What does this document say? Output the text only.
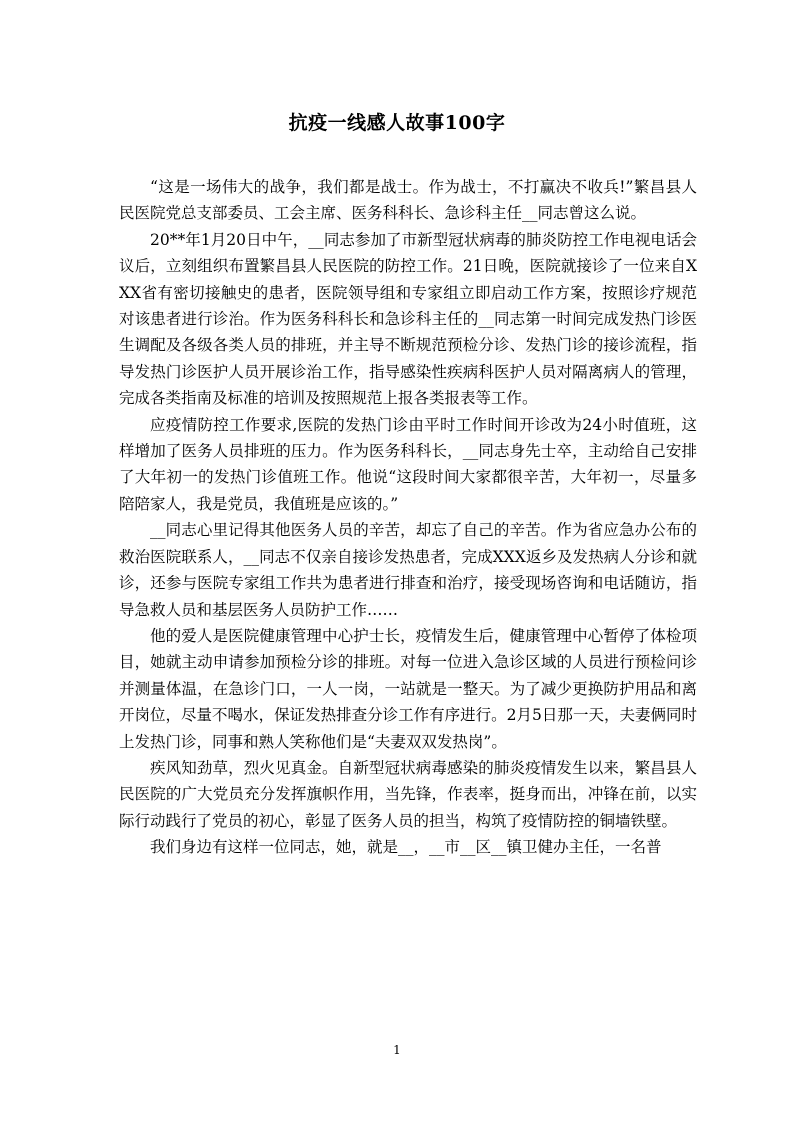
抗疫一线感人故事100字

“这是一场伟大的战争，我们都是战士。作为战士，不打赢决不收兵!”繁昌县人民医院党总支部委员、工会主席、医务科科长、急诊科主任__同志曾这么说。

20**年1月20日中午，__同志参加了市新型冠状病毒的肺炎防控工作电视电话会议后，立刻组织布置繁昌县人民医院的防控工作。21日晚，医院就接诊了一位来自XXX省有密切接触史的患者，医院领导组和专家组立即启动工作方案，按照诊疗规范对该患者进行诊治。作为医务科科长和急诊科主任的__同志第一时间完成发热门诊医生调配及各级各类人员的排班，并主导不断规范预检分诊、发热门诊的接诊流程，指导发热门诊医护人员开展诊治工作，指导感染性疾病科医护人员对隔离病人的管理，完成各类指南及标准的培训及按照规范上报各类报表等工作。

应疫情防控工作要求,医院的发热门诊由平时工作时间开诊改为24小时值班，这样增加了医务人员排班的压力。作为医务科科长，__同志身先士卒，主动给自己安排了大年初一的发热门诊值班工作。他说“这段时间大家都很辛苦，大年初一，尽量多陪陪家人，我是党员，我值班是应该的。”

__同志心里记得其他医务人员的辛苦，却忘了自己的辛苦。作为省应急办公布的救治医院联系人，__同志不仅亲自接诊发热患者，完成XXX返乡及发热病人分诊和就诊，还参与医院专家组工作共为患者进行排查和治疗，接受现场咨询和电话随访，指导急救人员和基层医务人员防护工作……

他的爱人是医院健康管理中心护士长，疫情发生后，健康管理中心暂停了体检项目，她就主动申请参加预检分诊的排班。对每一位进入急诊区域的人员进行预检问诊并测量体温，在急诊门口，一人一岗，一站就是一整天。为了减少更换防护用品和离开岗位，尽量不喝水，保证发热排查分诊工作有序进行。2月5日那一天，夫妻俩同时上发热门诊，同事和熟人笑称他们是“夫妻双双发热岗”。

疾风知劲草，烈火见真金。自新型冠状病毒感染的肺炎疫情发生以来，繁昌县人民医院的广大党员充分发挥旗帜作用，当先锋，作表率，挺身而出，冲锋在前，以实际行动践行了党员的初心，彰显了医务人员的担当，构筑了疫情防控的铜墙铁壁。

我们身边有这样一位同志，她，就是__，__市__区__镇卫健办主任，一名普

1
